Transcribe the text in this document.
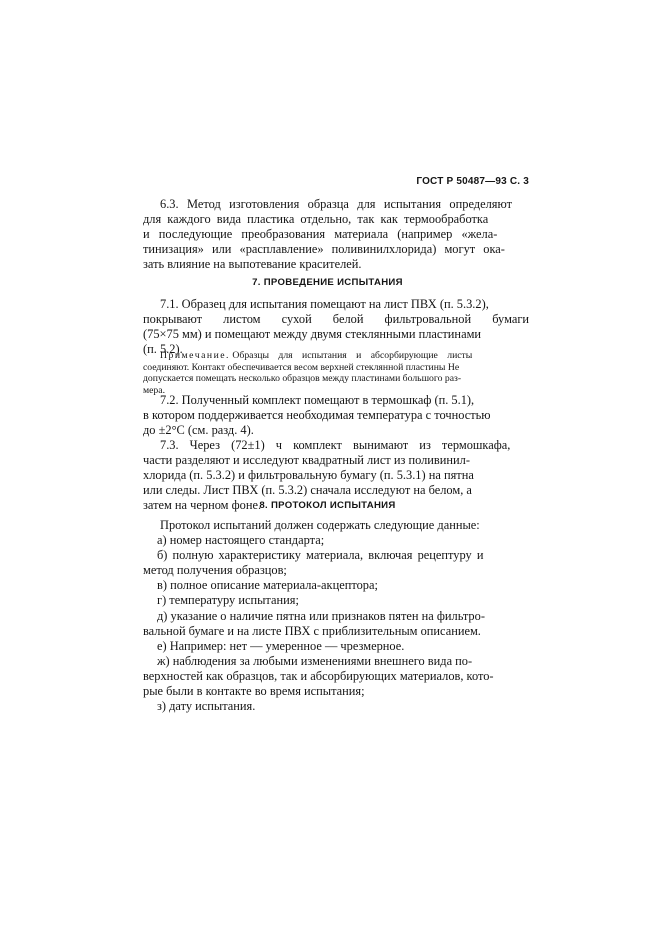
ГОСТ Р 50487—93 С. 3
6.3. Метод изготовления образца для испытания определяют
для каждого вида пластика отдельно, так как термообработка
и последующие преобразования материала (например «жела-
тинизация» или «расплавление» поливинилхлорида) могут ока-
зать влияние на выпотевание красителей.
7. ПРОВЕДЕНИЕ ИСПЫТАНИЯ
7.1. Образец для испытания помещают на лист ПВХ (п. 5.3.2),
покрывают листом сухой белой фильтровальной бумаги
(75×75 мм) и помещают между двумя стеклянными пластинами
(п. 5.2).
Примечание. Образцы для испытания и абсорбирующие листы
соединяют. Контакт обеспечивается весом верхней стеклянной пластины Не
допускается помещать несколько образцов между пластинами большого раз-
мера.
7.2. Полученный комплект помещают в термошкаф (п. 5.1),
в котором поддерживается необходимая температура с точностью
до ±2°С (см. разд. 4).
7.3. Через (72±1) ч комплект вынимают из термошкафа,
части разделяют и исследуют квадратный лист из поливинил-
хлорида (п. 5.3.2) и фильтровальную бумагу (п. 5.3.1) на пятна
или следы. Лист ПВХ (п. 5.3.2) сначала исследуют на белом, а
затем на черном фоне.
8. ПРОТОКОЛ ИСПЫТАНИЯ
Протокол испытаний должен содержать следующие данные:
а) номер настоящего стандарта;
б) полную характеристику материала, включая рецептуру и
метод получения образцов;
в) полное описание материала-акцептора;
г) температуру испытания;
д) указание о наличие пятна или признаков пятен на фильтро-
вальной бумаге и на листе ПВХ с приблизительным описанием.
е) Например: нет — умеренное — чрезмерное.
ж) наблюдения за любыми изменениями внешнего вида по-
верхностей как образцов, так и абсорбирующих материалов, кото-
рые были в контакте во время испытания;
з) дату испытания.
